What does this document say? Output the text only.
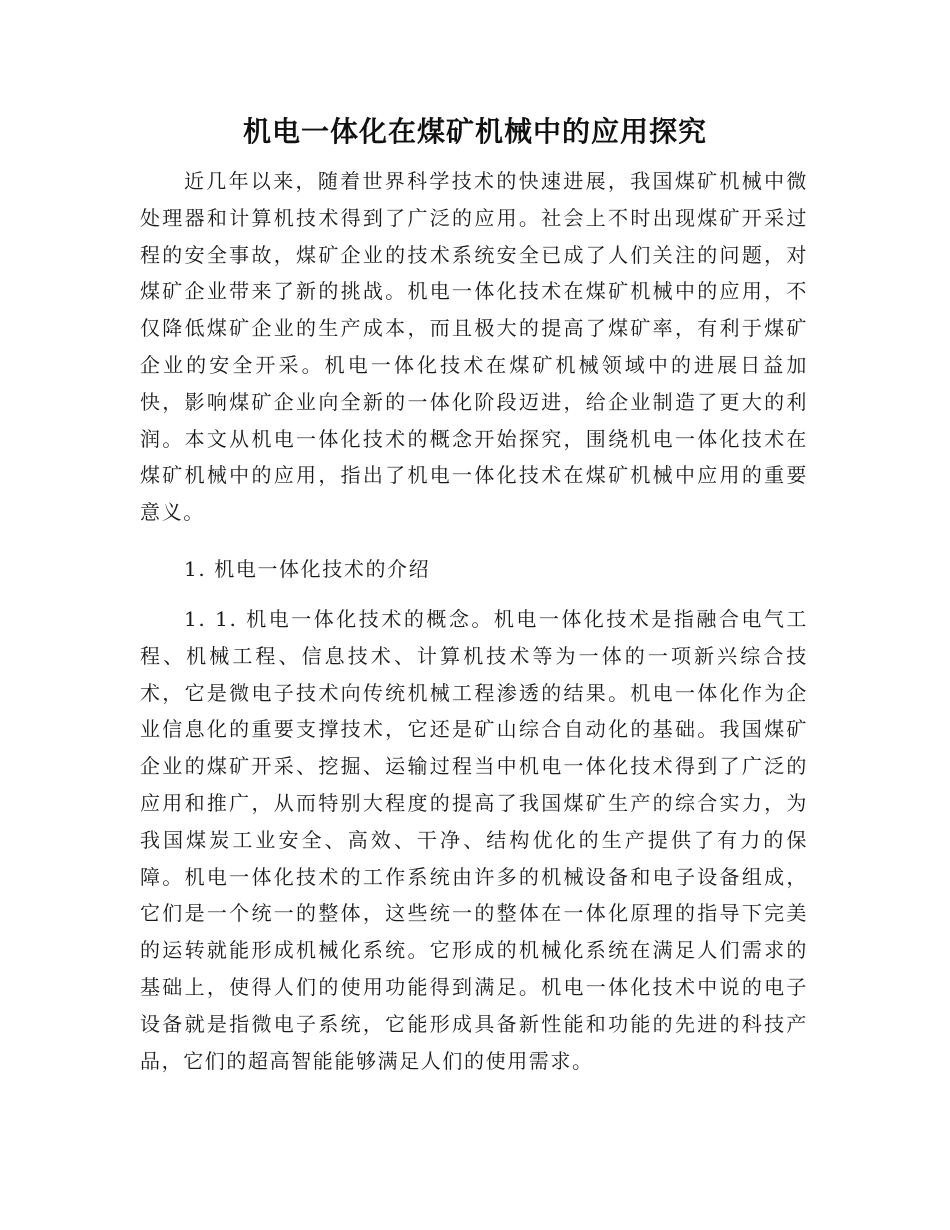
机电一体化在煤矿机械中的应用探究

近几年以来，随着世界科学技术的快速进展，我国煤矿机械中微处理器和计算机技术得到了广泛的应用。社会上不时出现煤矿开采过程的安全事故，煤矿企业的技术系统安全已成了人们关注的问题，对煤矿企业带来了新的挑战。机电一体化技术在煤矿机械中的应用，不仅降低煤矿企业的生产成本，而且极大的提高了煤矿率，有利于煤矿企业的安全开采。机电一体化技术在煤矿机械领域中的进展日益加快，影响煤矿企业向全新的一体化阶段迈进，给企业制造了更大的利润。本文从机电一体化技术的概念开始探究，围绕机电一体化技术在煤矿机械中的应用，指出了机电一体化技术在煤矿机械中应用的重要意义。

1. 机电一体化技术的介绍

1. 1. 机电一体化技术的概念。机电一体化技术是指融合电气工程、机械工程、信息技术、计算机技术等为一体的一项新兴综合技术，它是微电子技术向传统机械工程渗透的结果。机电一体化作为企业信息化的重要支撑技术，它还是矿山综合自动化的基础。我国煤矿企业的煤矿开采、挖掘、运输过程当中机电一体化技术得到了广泛的应用和推广，从而特别大程度的提高了我国煤矿生产的综合实力，为我国煤炭工业安全、高效、干净、结构优化的生产提供了有力的保障。机电一体化技术的工作系统由许多的机械设备和电子设备组成，它们是一个统一的整体，这些统一的整体在一体化原理的指导下完美的运转就能形成机械化系统。它形成的机械化系统在满足人们需求的基础上，使得人们的使用功能得到满足。机电一体化技术中说的电子设备就是指微电子系统，它能形成具备新性能和功能的先进的科技产品，它们的超高智能能够满足人们的使用需求。
